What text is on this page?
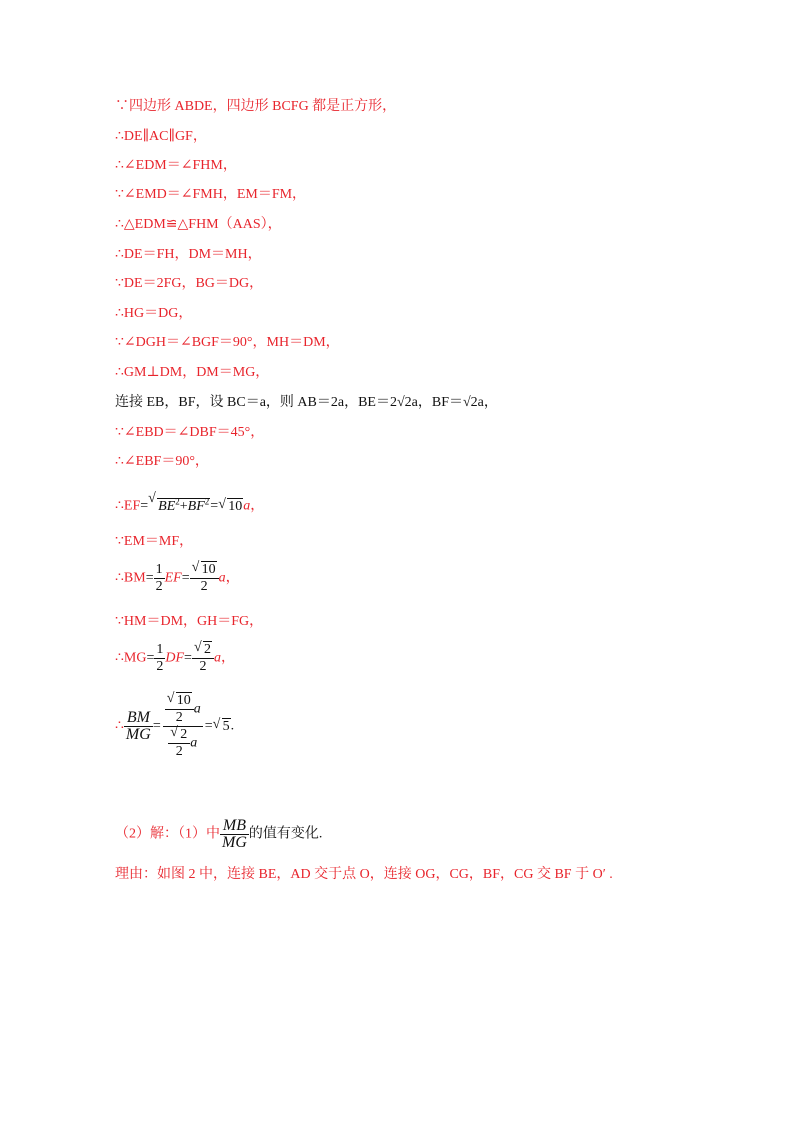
∵四边形 ABDE，四边形 BCFG 都是正方形，
∴DE∥AC∥GF，
∴∠EDM＝∠FHM，
∵∠EMD＝∠FMH，EM＝FM，
∴△EDM≌△FHM（AAS），
∴DE＝FH，DM＝MH，
∵DE＝2FG，BG＝DG，
∴HG＝DG，
∵∠DGH＝∠BGF＝90°，MH＝DM，
∴GM⊥DM，DM＝MG，
连接 EB，BF，设 BC＝a，则 AB＝2a，BE＝2√2a，BF＝√2a，
∵∠EBD＝∠DBF＝45°，
∴∠EBF＝90°，
∴EF=
√
$BE^2+BF^2=$ √ 10a，
∵EM＝MF，
∴BM= $\frac{1}{2} EF= \frac{√ 10}{2}$ a，
∵HM＝DM，GH＝FG，
∴MG= $\frac{1}{2} DF= \frac{√ 2}{2}$ a，
∴ $\frac{BM}{MG} = \frac{\frac{√ 10}{2} a}{\frac{√ 2}{2} a}$ = √ 5.
（2）解：（1）中 $\frac{MB}{MG}$ 的值有变化.
理由：如图 2 中，连接 BE，AD 交于点 O，连接 OG，CG，BF，CG 交 BF 于 O′ .
